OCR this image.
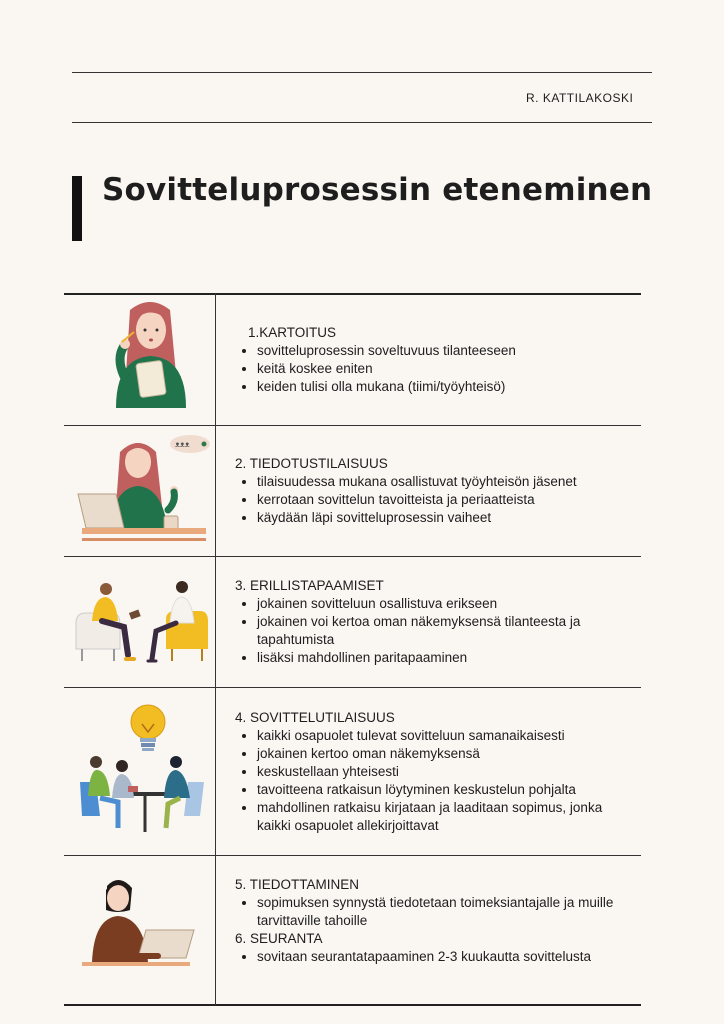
R. KATTILAKOSKI
Sovitteluprosessin eteneminen
ᴥᴥᴥ
1.KARTOITUS
• sovitteluprosessin soveltuvuus tilanteeseen
• keitä koskee eniten
• keiden tulisi olla mukana (tiimi/työyhteisö)
2. TIEDOTUSTILAISUUS
• tilaisuudessa mukana osallistuvat työyhteisön jäsenet
• kerrotaan sovittelun tavoitteista ja periaatteista
• käydään läpi sovitteluprosessin vaiheet
3. ERILLISTAPAAMISET
• jokainen sovitteluun osallistuva erikseen
• jokainen voi kertoa oman näkemyksensä tilanteesta ja tapahtumista
• lisäksi mahdollinen paritapaaminen
4. SOVITTELUTILAISUUS
• kaikki osapuolet tulevat sovitteluun samanaikaisesti
• jokainen kertoo oman näkemyksensä
• keskustellaan yhteisesti
• tavoitteena ratkaisun löytyminen keskustelun pohjalta
• mahdollinen ratkaisu kirjataan ja laaditaan sopimus, jonka kaikki osapuolet allekirjoittavat
5. TIEDOTTAMINEN
• sopimuksen synnystä tiedotetaan toimeksiantajalle ja muille tarvittaville tahoille
6. SEURANTA
• sovitaan seurantatapaaminen 2-3 kuukautta sovittelusta
